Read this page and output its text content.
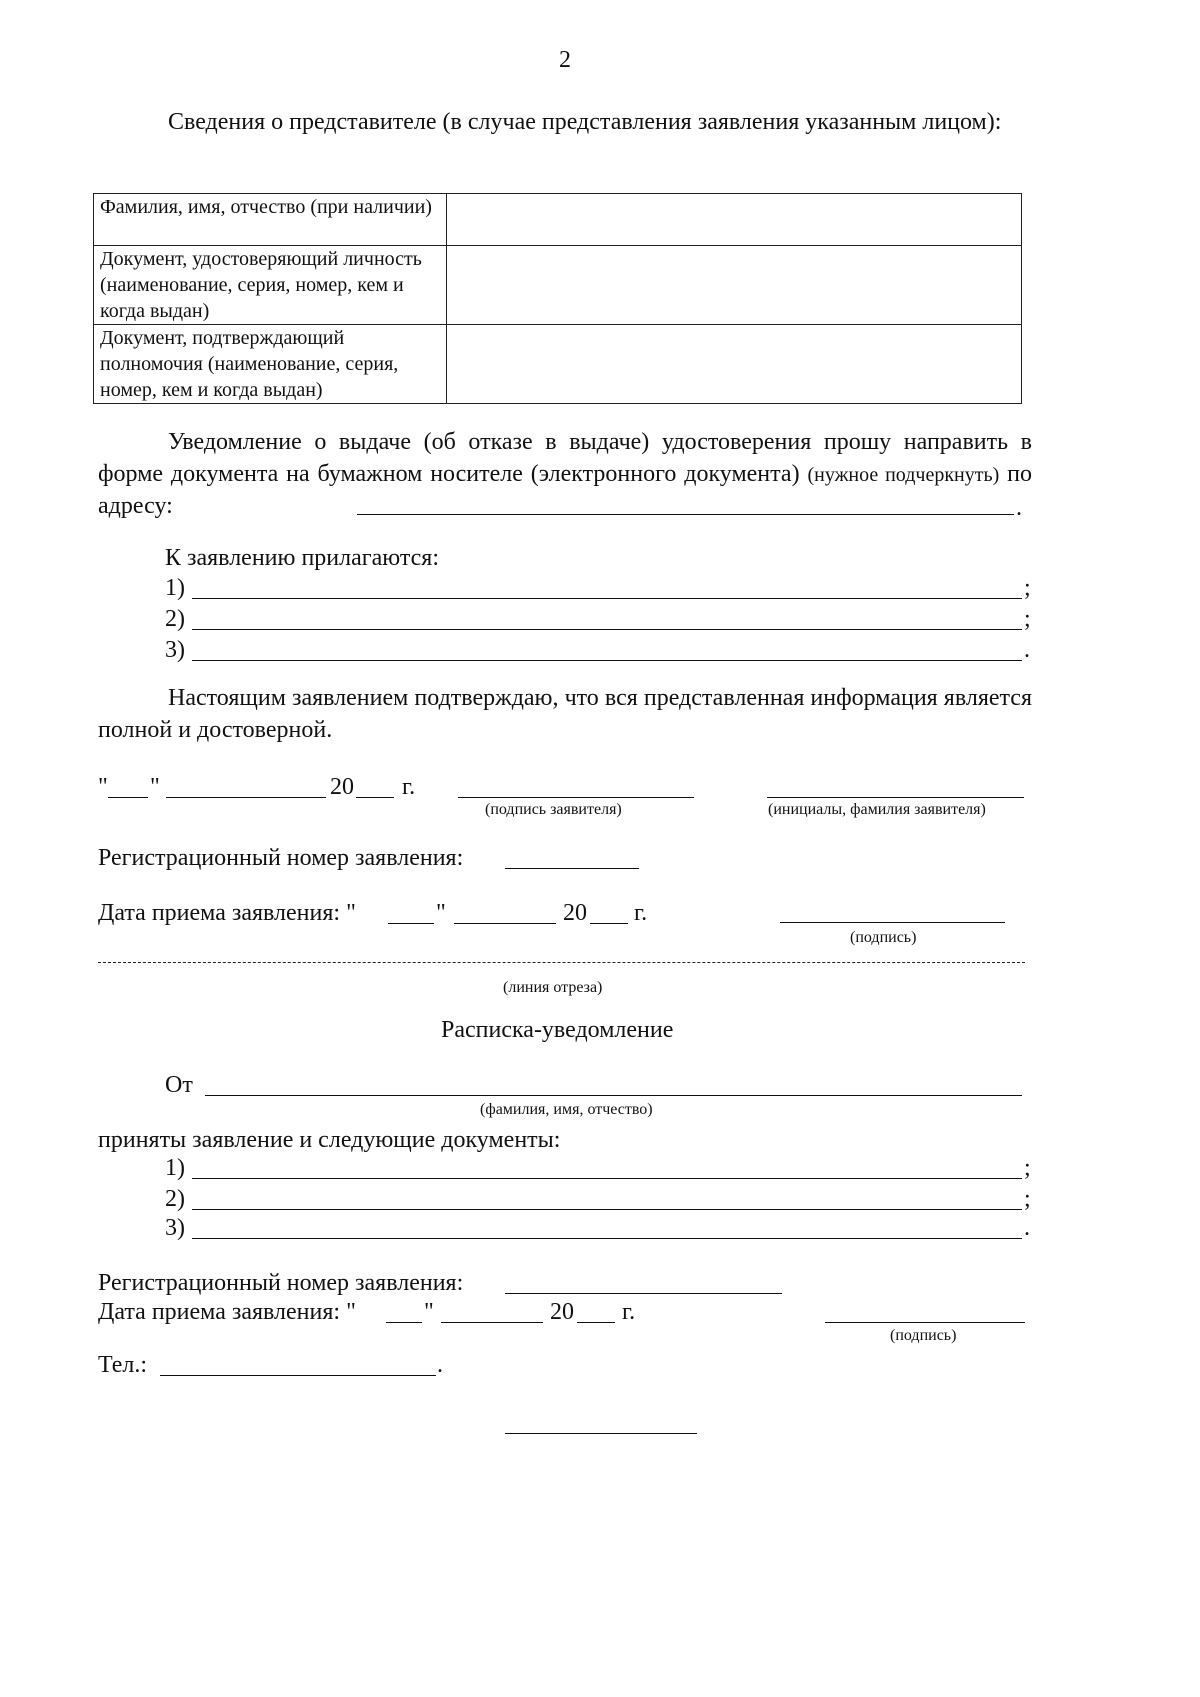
2
Сведения о представителе (в случае представления заявления указанным лицом):
Фамилия, имя, отчество (при наличии)	
Документ, удостоверяющий личность (наименование, серия, номер, кем и когда выдан)	
Документ, подтверждающий полномочия (наименование, серия, номер, кем и когда выдан)	
Уведомление о выдаче (об отказе в выдаче) удостоверения прошу направить в форме документа на бумажном носителе (электронного документа) (нужное подчеркнуть) по адресу:	.
К заявлению прилагаются:
1)	;
2)	;
3)	.
Настоящим заявлением подтверждаю, что вся представленная информация является полной и достоверной.
" "	20 г.
(подпись заявителя)	(инициалы, фамилия заявителя)
Регистрационный номер заявления:
Дата приема заявления: "	"	20 г.
(подпись)
(линия отреза)
Расписка-уведомление
От
(фамилия, имя, отчество)
приняты заявление и следующие документы:
1)	;
2)	;
3)	.
Регистрационный номер заявления:
Дата приема заявления: "	"	20 г.
(подпись)
Тел.:	.
